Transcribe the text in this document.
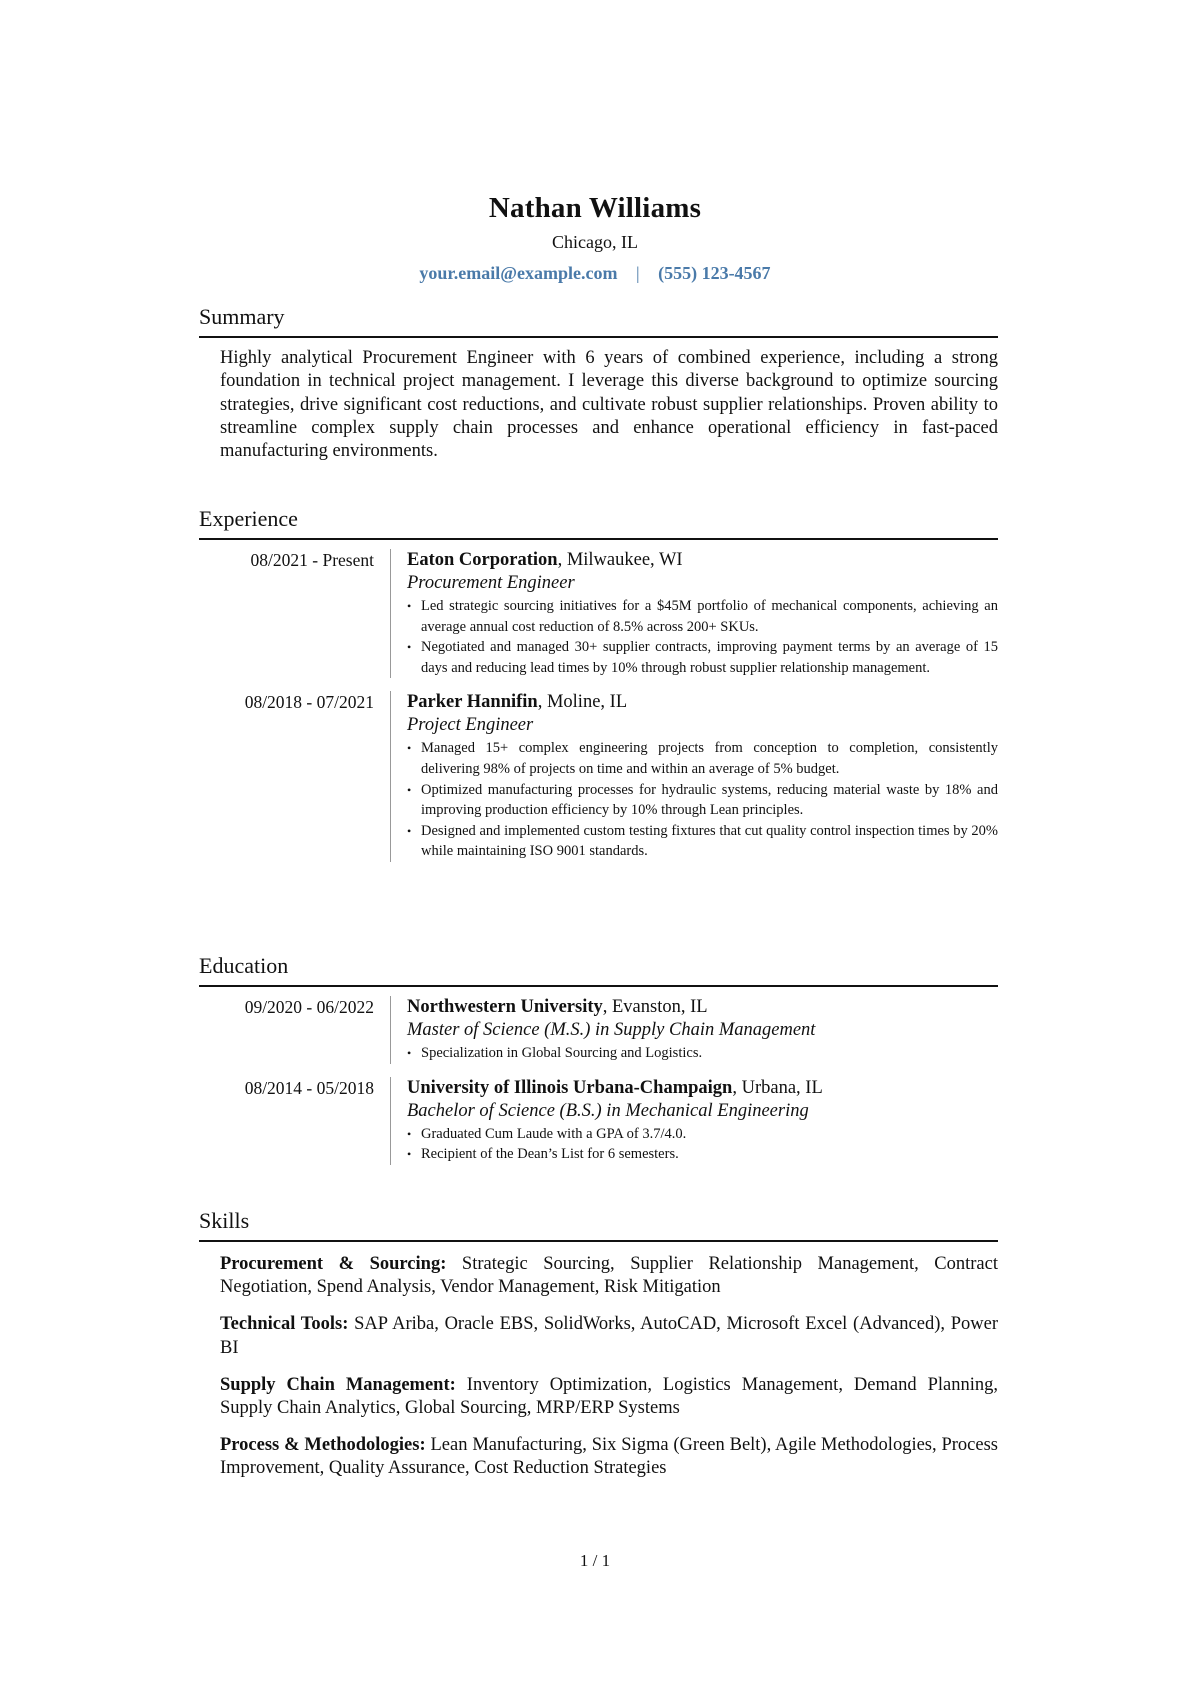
Nathan Williams
Chicago, IL
your.email@example.com | (555) 123-4567
Summary
Highly analytical Procurement Engineer with 6 years of combined experience, including a strong foundation in technical project management. I leverage this diverse background to optimize sourcing strategies, drive significant cost reductions, and cultivate robust supplier relationships. Proven ability to streamline complex supply chain processes and enhance operational efficiency in fast-paced manufacturing environments.
Experience
08/2021 - Present Eaton Corporation, Milwaukee, WI
Procurement Engineer
• Led strategic sourcing initiatives for a $45M portfolio of mechanical components, achieving an average annual cost reduction of 8.5% across 200+ SKUs.
• Negotiated and managed 30+ supplier contracts, improving payment terms by an average of 15 days and reducing lead times by 10% through robust supplier relationship management.
08/2018 - 07/2021 Parker Hannifin, Moline, IL
Project Engineer
• Managed 15+ complex engineering projects from conception to completion, consistently delivering 98% of projects on time and within an average of 5% budget.
• Optimized manufacturing processes for hydraulic systems, reducing material waste by 18% and improving production efficiency by 10% through Lean principles.
• Designed and implemented custom testing fixtures that cut quality control inspection times by 20% while maintaining ISO 9001 standards.
Education
09/2020 - 06/2022 Northwestern University, Evanston, IL
Master of Science (M.S.) in Supply Chain Management
• Specialization in Global Sourcing and Logistics.
08/2014 - 05/2018 University of Illinois Urbana-Champaign, Urbana, IL
Bachelor of Science (B.S.) in Mechanical Engineering
• Graduated Cum Laude with a GPA of 3.7/4.0.
• Recipient of the Dean’s List for 6 semesters.
Skills
Procurement & Sourcing: Strategic Sourcing, Supplier Relationship Management, Contract Negotiation, Spend Analysis, Vendor Management, Risk Mitigation
Technical Tools: SAP Ariba, Oracle EBS, SolidWorks, AutoCAD, Microsoft Excel (Advanced), Power BI
Supply Chain Management: Inventory Optimization, Logistics Management, Demand Planning, Supply Chain Analytics, Global Sourcing, MRP/ERP Systems
Process & Methodologies: Lean Manufacturing, Six Sigma (Green Belt), Agile Methodologies, Process Improvement, Quality Assurance, Cost Reduction Strategies
1 / 1
